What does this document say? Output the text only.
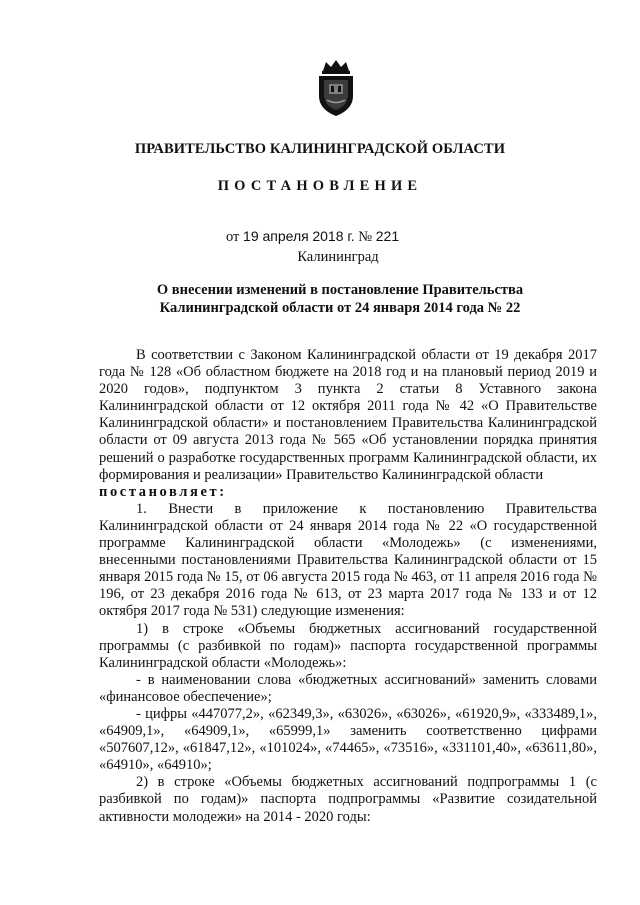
ПРАВИТЕЛЬСТВО КАЛИНИНГРАДСКОЙ ОБЛАСТИ
ПОСТАНОВЛЕНИЕ
от 19 апреля 2018 г. № 221
Калининград
О внесении изменений в постановление Правительства
Калининградской области от 24 января 2014 года № 22

В соответствии с Законом Калининградской области от 19 декабря 2017 года № 128 «Об областном бюджете на 2018 год и на плановый период 2019 и 2020 годов», подпунктом 3 пункта 2 статьи 8 Уставного закона Калининградской области от 12 октября 2011 года № 42 «О Правительстве Калининградской области» и постановлением Правительства Калининградской области от 09 августа 2013 года № 565 «Об установлении порядка принятия решений о разработке государственных программ Калининградской области, их формирования и реализации» Правительство Калининградской области
постановляет:

1. Внести в приложение к постановлению Правительства Калининградской области от 24 января 2014 года № 22 «О государственной программе Калининградской области «Молодежь» (с изменениями, внесенными постановлениями Правительства Калининградской области от 15 января 2015 года № 15, от 06 августа 2015 года № 463, от 11 апреля 2016 года № 196, от 23 декабря 2016 года № 613, от 23 марта 2017 года № 133 и от 12 октября 2017 года № 531) следующие изменения:

1) в строке «Объемы бюджетных ассигнований государственной программы (с разбивкой по годам)» паспорта государственной программы Калининградской области «Молодежь»:

- в наименовании слова «бюджетных ассигнований» заменить словами «финансовое обеспечение»;

- цифры «447077,2», «62349,3», «63026», «63026», «61920,9», «333489,1», «64909,1», «64909,1», «65999,1» заменить соответственно цифрами «507607,12», «61847,12», «101024», «74465», «73516», «331101,40», «63611,80», «64910», «64910»;

2) в строке «Объемы бюджетных ассигнований подпрограммы 1 (с разбивкой по годам)» паспорта подпрограммы «Развитие созидательной активности молодежи» на 2014 - 2020 годы:
